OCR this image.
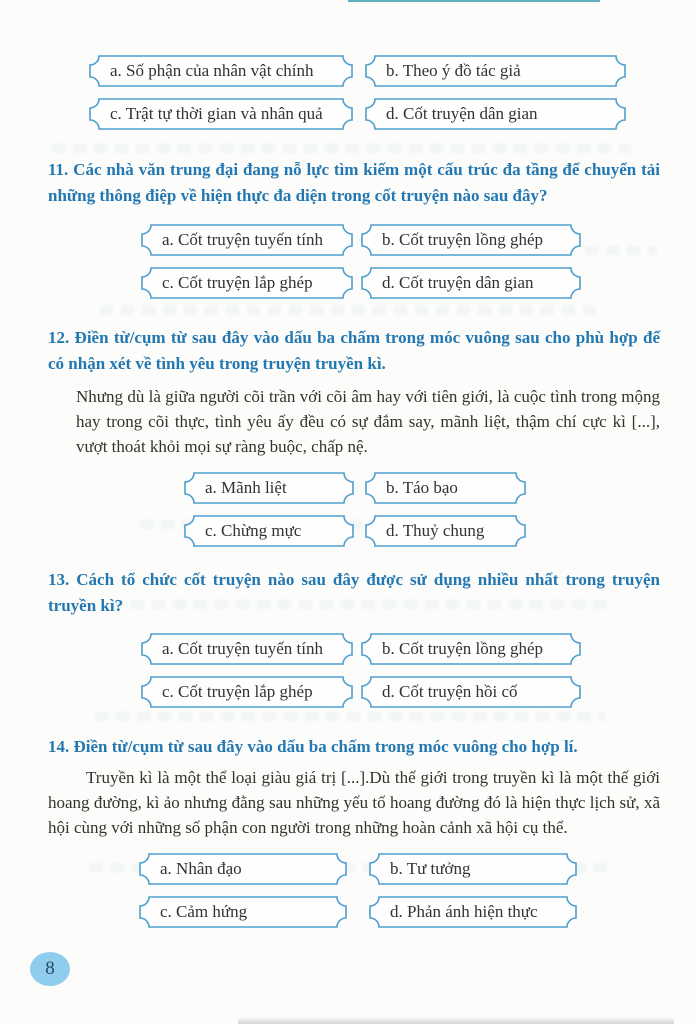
a. Số phận của nhân vật chính	b. Theo ý đồ tác giả
c. Trật tự thời gian và nhân quả	d. Cốt truyện dân gian

11. Các nhà văn trung đại đang nỗ lực tìm kiếm một cấu trúc đa tầng để chuyển tải những thông điệp về hiện thực đa diện trong cốt truyện nào sau đây?

a. Cốt truyện tuyến tính	b. Cốt truyện lồng ghép
c. Cốt truyện lắp ghép	d. Cốt truyện dân gian

12. Điền từ/cụm từ sau đây vào dấu ba chấm trong móc vuông sau cho phù hợp để có nhận xét về tình yêu trong truyện truyền kì.

Nhưng dù là giữa người cõi trần với cõi âm hay với tiên giới, là cuộc tình trong mộng hay trong cõi thực, tình yêu ấy đều có sự đắm say, mãnh liệt, thậm chí cực kì [...], vượt thoát khỏi mọi sự ràng buộc, chấp nệ.

a. Mãnh liệt	b. Táo bạo
c. Chừng mực	d. Thuỷ chung

13. Cách tổ chức cốt truyện nào sau đây được sử dụng nhiều nhất trong truyện truyền kì?

a. Cốt truyện tuyến tính	b. Cốt truyện lồng ghép
c. Cốt truyện lắp ghép	d. Cốt truyện hồi cố

14. Điền từ/cụm từ sau đây vào dấu ba chấm trong móc vuông cho hợp lí.

Truyền kì là một thể loại giàu giá trị [...].Dù thế giới trong truyền kì là một thế giới hoang đường, kì ảo nhưng đằng sau những yếu tố hoang đường đó là hiện thực lịch sử, xã hội cùng với những số phận con người trong những hoàn cảnh xã hội cụ thể.

a. Nhân đạo	b. Tư tưởng
c. Cảm hứng	d. Phản ánh hiện thực
8
